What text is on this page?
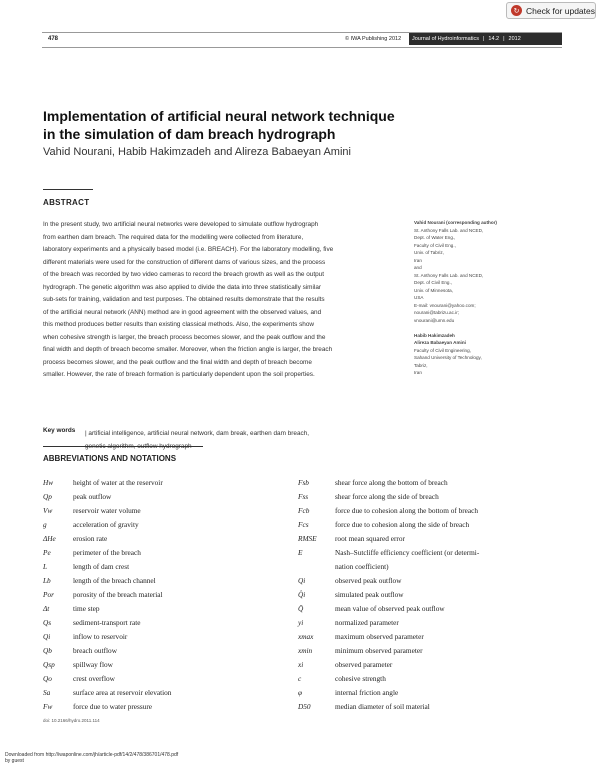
↻ Check for updates
478	© IWA Publishing 2012 Journal of Hydroinformatics | 14.2 | 2012
Implementation of artificial neural network technique
in the simulation of dam breach hydrograph
Vahid Nourani, Habib Hakimzadeh and Alireza Babaeyan Amini
ABSTRACT
In the present study, two artificial neural networks were developed to simulate outflow hydrograph
from earthen dam breach. The required data for the modelling were collected from literature,
laboratory experiments and a physically based model (i.e. BREACH). For the laboratory modelling, five
different materials were used for the construction of different dams of various sizes, and the process
of the breach was recorded by two video cameras to record the breach growth as well as the output
hydrograph. The genetic algorithm was also applied to divide the data into three statistically similar
sub-sets for training, validation and test purposes. The obtained results demonstrate that the results
of the artificial neural network (ANN) method are in good agreement with the observed values, and
this method produces better results than existing classical methods. Also, the experiments show
when cohesive strength is larger, the breach process becomes slower, and the peak outflow and the
final width and depth of breach become smaller. Moreover, when the friction angle is larger, the breach
process becomes slower, and the peak outflow and the final width and depth of breach become
smaller. However, the rate of breach formation is particularly dependent upon the soil properties.
Key words | artificial intelligence, artificial neural network, dam break, earthen dam breach,
genetic algorithm, outflow hydrograph
Vahid Nourani (corresponding author)
St. Anthony Falls Lab. and NCED,
Dept. of Water Eng.,
Faculty of Civil Eng.,
Univ. of Tabriz,
Iran
and
St. Anthony Falls Lab. and NCED,
Dept. of Civil Eng.,
Univ. of Minnesota,
USA
E-mail: vnourani@yahoo.com;
nourani@tabrizu.ac.ir;
vnourani@umn.edu
Habib Hakimzadeh
Alireza Babaeyan Amini
Faculty of Civil Engineering,
Sahand University of Technology,
Tabriz,
Iran
ABBREVIATIONS AND NOTATIONS
Hw	height of water at the reservoir
Qp	peak outflow
Vw	reservoir water volume
g	acceleration of gravity
ΔHe erosion rate
Pe	perimeter of the breach
L	length of dam crest
Lb	length of the breach channel
Por	porosity of the breach material
Δt	time step
Qs	sediment-transport rate
Qi	inflow to reservoir
Qb	breach outflow
Qsp spillway flow
Qo	crest overflow
Sa	surface area at reservoir elevation
Fw	force due to water pressure
Fsb	shear force along the bottom of breach
Fss	shear force along the side of breach
Fcb	force due to cohesion along the bottom of breach
Fcs	force due to cohesion along the side of breach
RMSE	root mean squared error
E	Nash–Sutcliffe efficiency coefficient (or determi-
nation coefficient)
Qi	observed peak outflow
Q̂i	simulated peak outflow
Q̄	mean value of observed peak outflow
yi	normalized parameter
xmax	maximum observed parameter
xmin	minimum observed parameter
xi	observed parameter
c	cohesive strength
φ	internal friction angle
D50	median diameter of soil material
doi: 10.2166/hydro.2011.114
Downloaded from http://iwaponline.com/jh/article-pdf/14/2/478/386701/478.pdf
by guest
